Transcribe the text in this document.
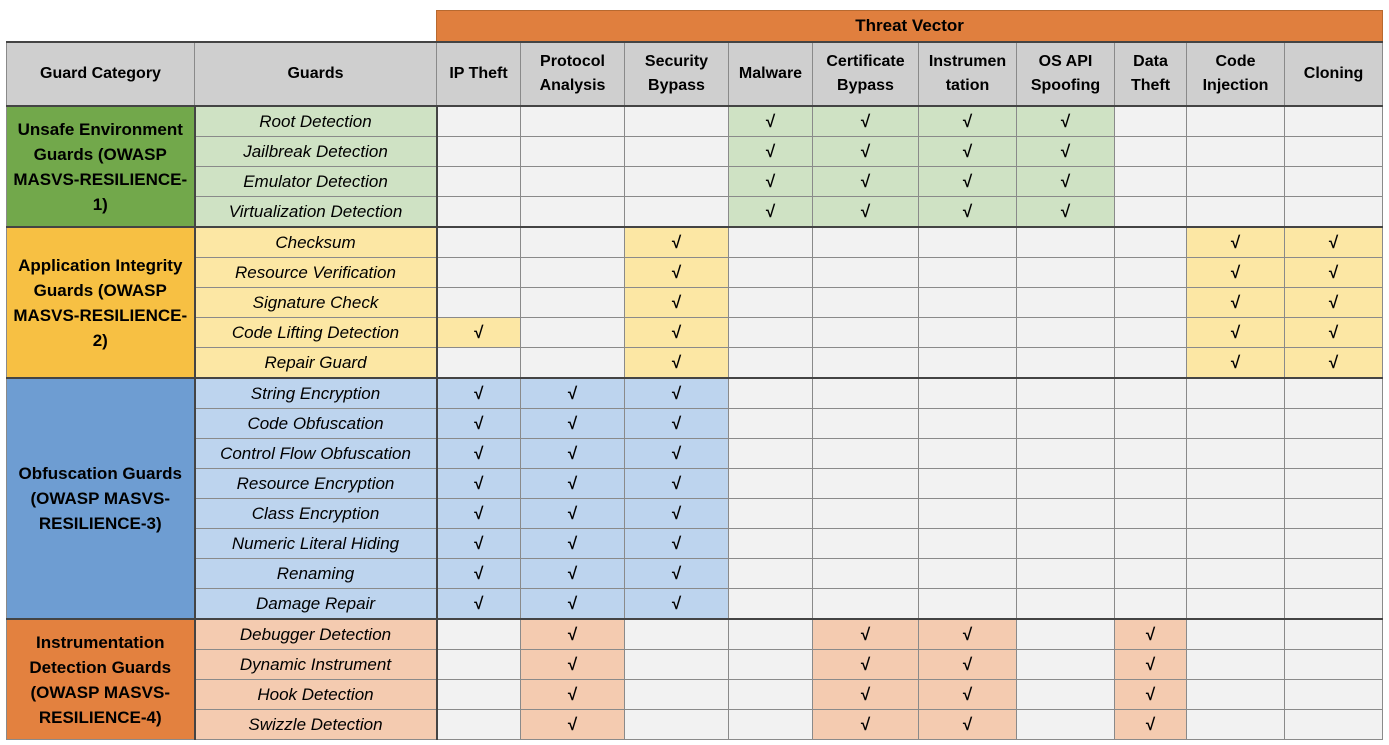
		Threat Vector									
Guard Category	Guards	IP Theft	Protocol Analysis	Security Bypass	Malware	Certificate Bypass	Instrumen tation	OS API Spoofing	Data Theft	Code Injection	Cloning
Unsafe Environment Guards (OWASP MASVS-RESILIENCE-1)	Root Detection				√	√	√	√			
	Jailbreak Detection				√	√	√	√			
	Emulator Detection				√	√	√	√			
	Virtualization Detection				√	√	√	√			
Application Integrity Guards (OWASP MASVS-RESILIENCE-2)	Checksum			√						√	√
	Resource Verification			√						√	√
	Signature Check			√						√	√
	Code Lifting Detection	√		√						√	√
	Repair Guard			√						√	√
Obfuscation Guards (OWASP MASVS-RESILIENCE-3)	String Encryption	√	√	√							
	Code Obfuscation	√	√	√							
	Control Flow Obfuscation	√	√	√							
	Resource Encryption	√	√	√							
	Class Encryption	√	√	√							
	Numeric Literal Hiding	√	√	√							
	Renaming	√	√	√							
	Damage Repair	√	√	√							
Instrumentation Detection Guards (OWASP MASVS-RESILIENCE-4)	Debugger Detection		√			√	√		√		
	Dynamic Instrument		√			√	√		√		
	Hook Detection		√			√	√		√		
	Swizzle Detection		√			√	√		√		
